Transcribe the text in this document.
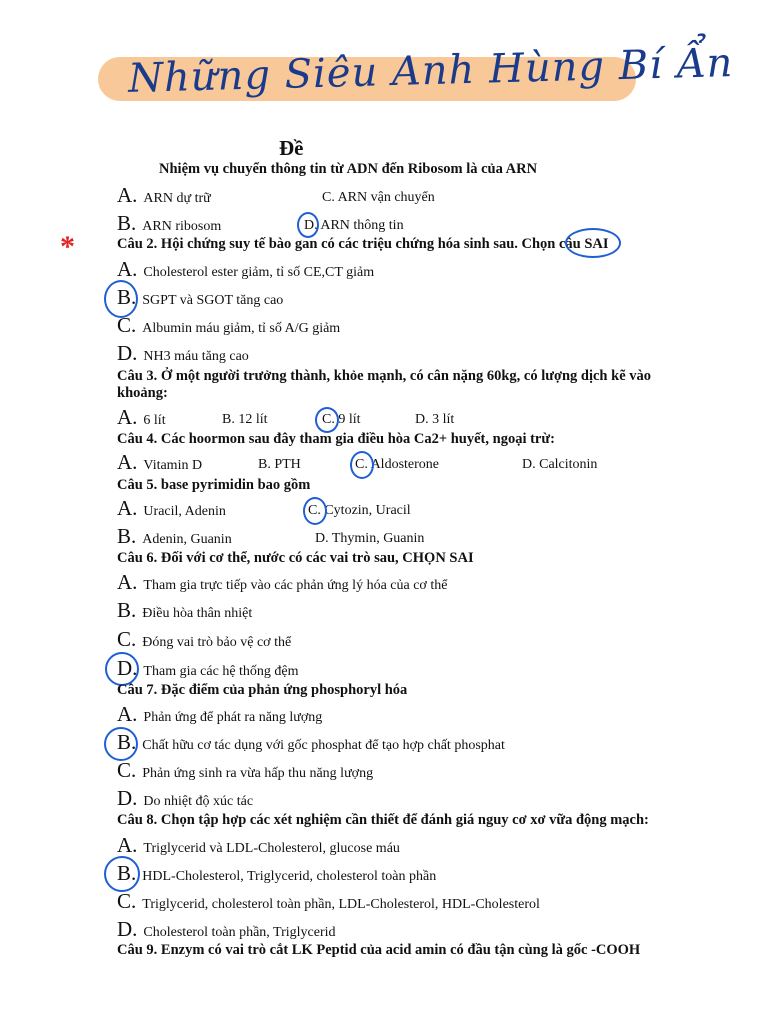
Những Siêu Anh Hùng Bí Ẩn
Đề
Nhiệm vụ chuyển thông tin từ ADN đến Ribosom là của ARN
A. ARN dự trữ	C. ARN vận chuyển
B. ARN ribosom	D. ARN thông tin
*	Câu 2. Hội chứng suy tế bào gan có các triệu chứng hóa sinh sau. Chọn câu SAI
A. Cholesterol ester giảm, tỉ số CE,CT giảm
B. SGPT và SGOT tăng cao
C. Albumin máu giảm, tỉ số A/G giảm
D. NH3 máu tăng cao
Câu 3. Ở một người trưởng thành, khỏe mạnh, có cân nặng 60kg, có lượng dịch kẽ vào khoảng:
A. 6 lít	B. 12 lít	C. 9 lít	D. 3 lít
Câu 4. Các hoormon sau đây tham gia điều hòa Ca2+ huyết, ngoại trừ:
A. Vitamin D	B. PTH	C. Aldosterone	D. Calcitonin
Câu 5. base pyrimidin bao gồm
A. Uracil, Adenin	C. Cytozin, Uracil
B. Adenin, Guanin	D. Thymin, Guanin
Câu 6. Đối với cơ thể, nước có các vai trò sau, CHỌN SAI
A. Tham gia trực tiếp vào các phản ứng lý hóa của cơ thể
B. Điều hòa thân nhiệt
C. Đóng vai trò bảo vệ cơ thể
D. Tham gia các hệ thống đệm
Câu 7. Đặc điểm của phản ứng phosphoryl hóa
A. Phản ứng để phát ra năng lượng
B. Chất hữu cơ tác dụng với gốc phosphat để tạo hợp chất phosphat
C. Phản ứng sinh ra vừa hấp thu năng lượng
D. Do nhiệt độ xúc tác
Câu 8. Chọn tập hợp các xét nghiệm cần thiết để đánh giá nguy cơ xơ vữa động mạch:
A. Triglycerid và LDL-Cholesterol, glucose máu
B. HDL-Cholesterol, Triglycerid, cholesterol toàn phần
C. Triglycerid, cholesterol toàn phần, LDL-Cholesterol, HDL-Cholesterol
D. Cholesterol toàn phần, Triglycerid
Câu 9. Enzym có vai trò cắt LK Peptid của acid amin có đầu tận cùng là gốc -COOH
